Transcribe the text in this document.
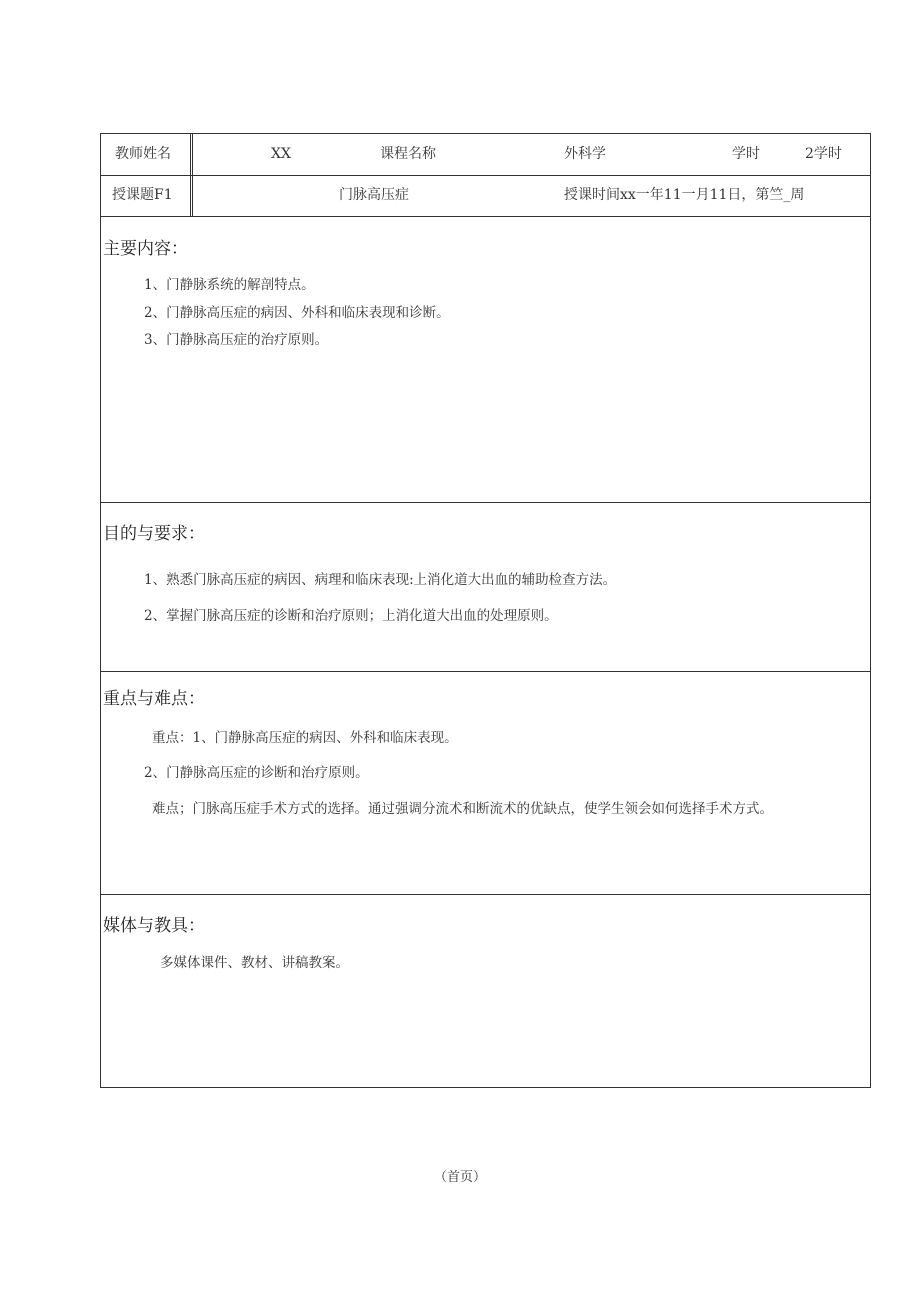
教师姓名	XX	课程名称	外科学	学时	2学时
授课题F1	门脉高压症	授课时间xx一年11一月11日，第竺_周
主要内容：
1、门静脉系统的解剖特点。
2、门静脉高压症的病因、外科和临床表现和诊断。
3、门静脉高压症的治疗原则。
目的与要求：
1、熟悉门脉高压症的病因、病理和临床表现:上消化道大出血的辅助检查方法。
2、掌握门脉高压症的诊断和治疗原则；上消化道大出血的处理原则。
重点与难点：
重点：1、门静脉高压症的病因、外科和临床表现。
2、门静脉高压症的诊断和治疗原则。
难点；门脉高压症手术方式的选择。通过强调分流术和断流术的优缺点，使学生领会如何选择手术方式。
媒体与教具：
多媒体课件、教材、讲稿教案。
（首页）
